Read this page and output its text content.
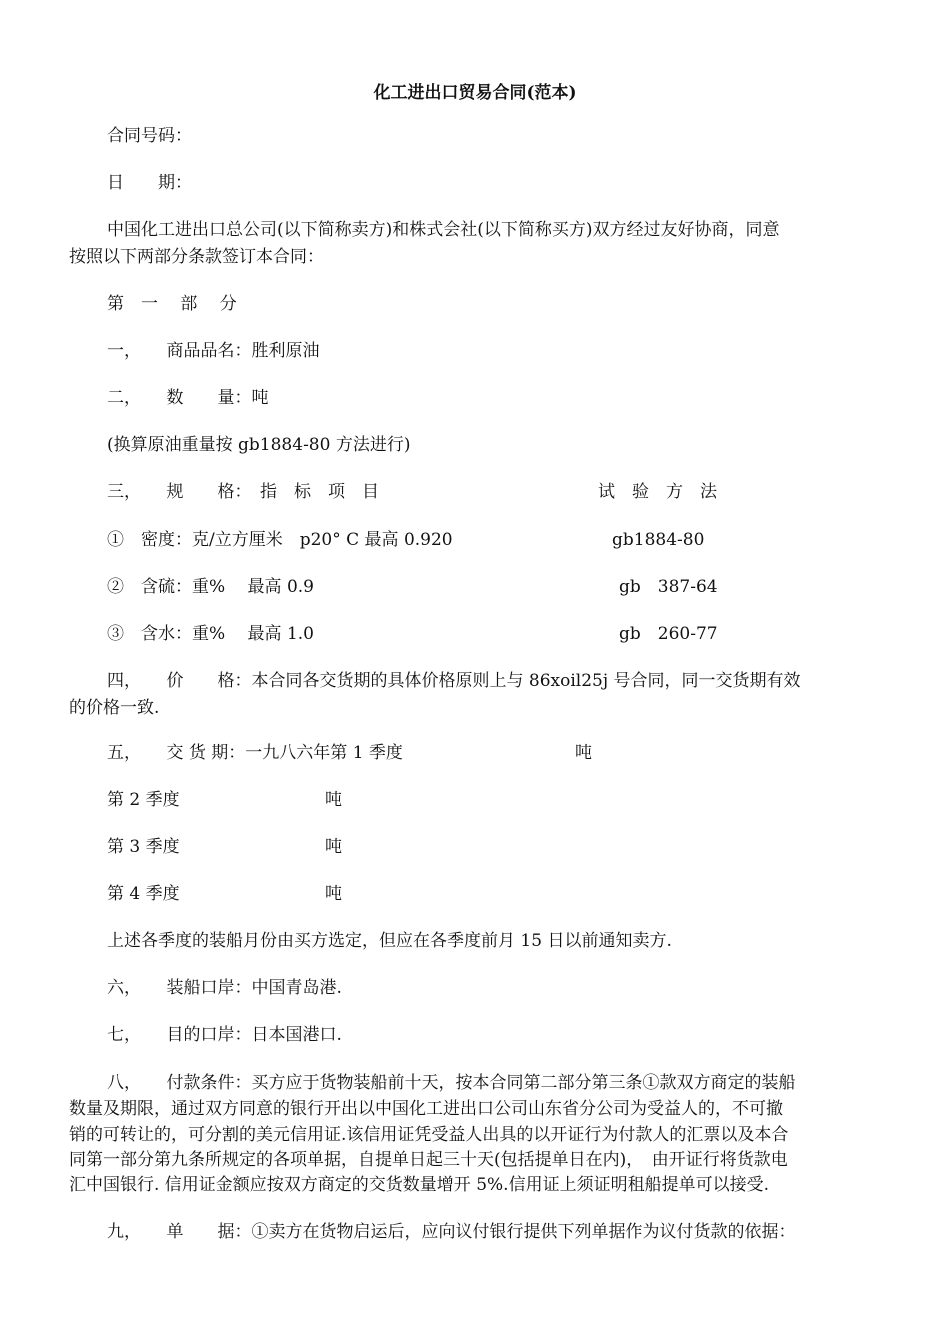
化工进出口贸易合同(范本)
合同号码：
日　　期：
中国化工进出口总公司(以下简称卖方)和株式会社(以下简称买方)双方经过友好协商，同意
按照以下两部分条款签订本合同：
第　一　 部　 分
一，　　商品品名：胜利原油
二，　　数　　量：吨
(换算原油重量按 gb1884-80 方法进行)
三，　　规　　格：　指　标　项　目	试　验　方　法
①　密度：克/立方厘米　p20° C 最高 0.920	gb1884-80
②　含硫：重%　 最高 0.9	gb　387-64
③　含水：重%　 最高 1.0	gb　260-77
四，　　价　　格：本合同各交货期的具体价格原则上与 86xoil25j 号合同，同一交货期有效
的价格一致.
五，　　交 货 期：一九八六年第 1 季度	吨
第 2 季度	吨
第 3 季度	吨
第 4 季度	吨
上述各季度的装船月份由买方选定，但应在各季度前月 15 日以前通知卖方.
六，　　装船口岸：中国青岛港.
七，　　目的口岸：日本国港口.
八，　　付款条件：买方应于货物装船前十天，按本合同第二部分第三条①款双方商定的装船
数量及期限，通过双方同意的银行开出以中国化工进出口公司山东省分公司为受益人的，不可撤
销的可转让的，可分割的美元信用证.该信用证凭受益人出具的以开证行为付款人的汇票以及本合
同第一部分第九条所规定的各项单据，自提单日起三十天(包括提单日在内)，　由开证行将货款电
汇中国银行. 信用证金额应按双方商定的交货数量增开 5%.信用证上须证明租船提单可以接受.
九，　　单　　据：①卖方在货物启运后，应向议付银行提供下列单据作为议付货款的依据：
